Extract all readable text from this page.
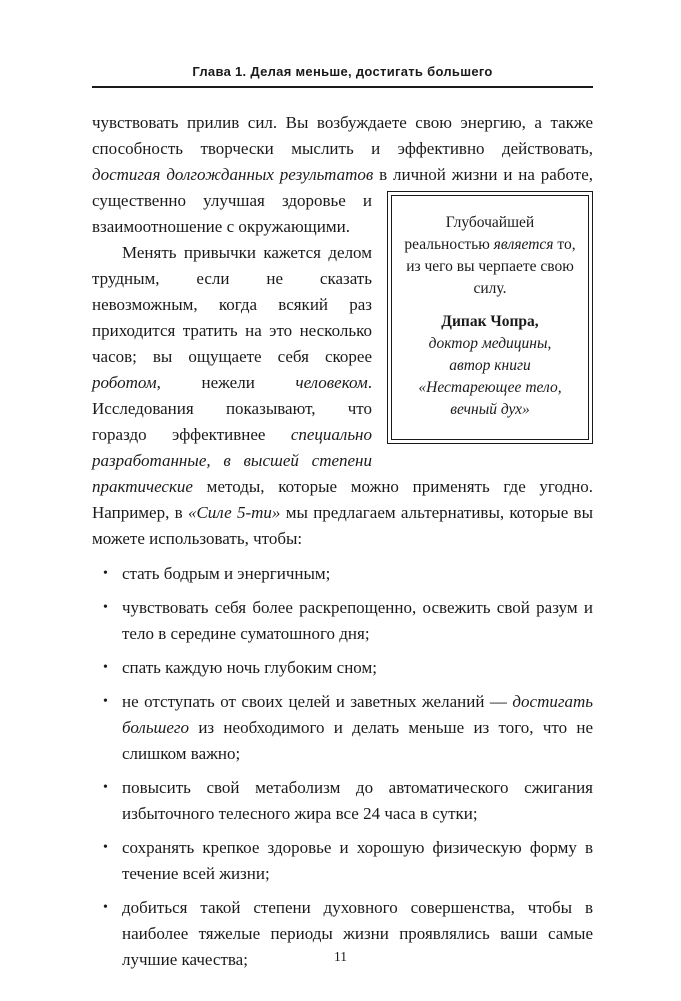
Глава 1. Делая меньше, достигать большего

чувствовать прилив сил. Вы возбуждаете свою энергию, а также способность творчески мыслить и эффективно действовать, достигая долгожданных результатов в личной жизни и на работе, существенно улучшая
Глубочайшей реальностью является то, из чего вы черпаете свою силу.
Дипак Чопра,
доктор медицины,
автор книги
«Нестареющее тело,
вечный дух»
здоровье и взаимоотношение с окружающими.

Менять привычки кажется делом трудным, если не сказать невозможным, когда всякий раз приходится тратить на это несколько часов; вы ощущаете себя скорее роботом, нежели человеком. Исследования показывают, что гораздо эффективнее специально разработанные, в высшей степени практические методы, которые можно применять где угодно. Например, в «Силе 5-ти» мы предлагаем альтернативы, которые вы можете использовать, чтобы:

• стать бодрым и энергичным;
• чувствовать себя более раскрепощенно, освежить свой разум и тело в середине суматошного дня;
• спать каждую ночь глубоким сном;
• не отступать от своих целей и заветных желаний — достигать большего из необходимого и делать меньше из того, что не слишком важно;
• повысить свой метаболизм до автоматического сжигания избыточного телесного жира все 24 часа в сутки;
• сохранять крепкое здоровье и хорошую физическую форму в течение всей жизни;
• добиться такой степени духовного совершенства, чтобы в наиболее тяжелые периоды жизни проявлялись ваши самые лучшие качества;	11
